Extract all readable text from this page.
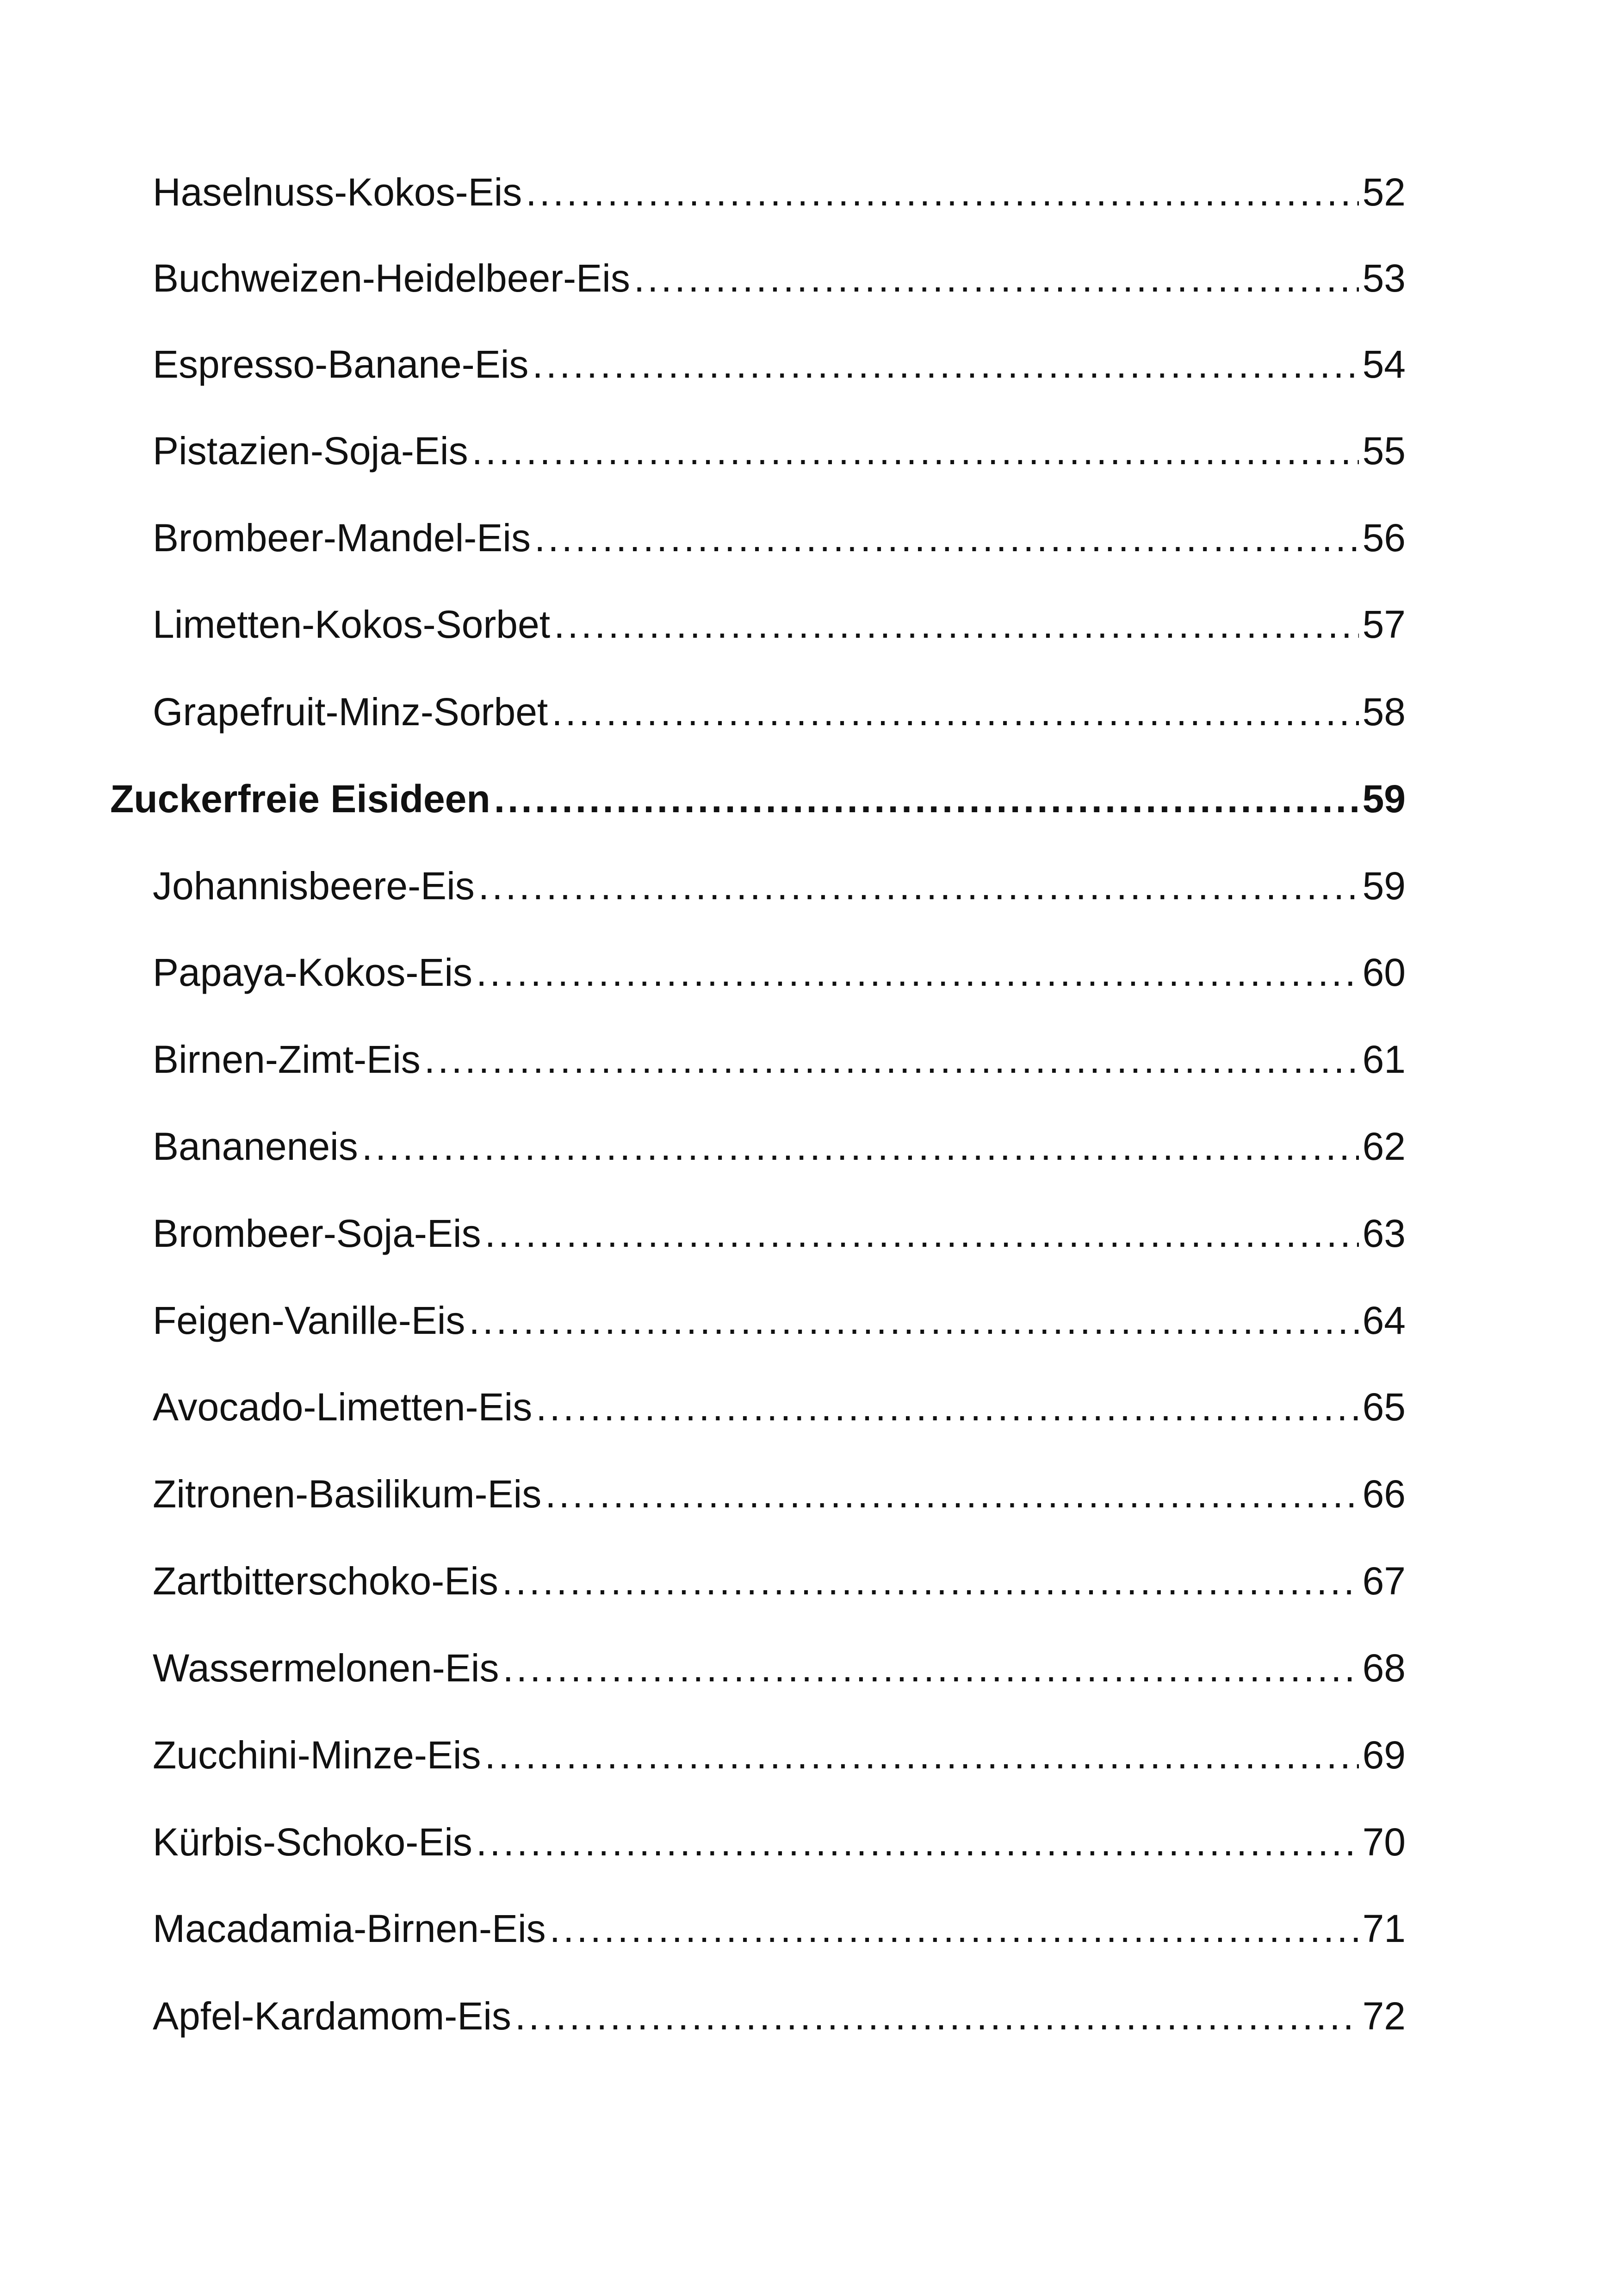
Haselnuss-Kokos-Eis .....	52
Buchweizen-Heidelbeer-Eis .....	53
Espresso-Banane-Eis .....	54
Pistazien-Soja-Eis .....	55
Brombeer-Mandel-Eis .....	56
Limetten-Kokos-Sorbet .....	57
Grapefruit-Minz-Sorbet .....	58
Zuckerfreie Eisideen .....	59
Johannisbeere-Eis .....	59
Papaya-Kokos-Eis .....	60
Birnen-Zimt-Eis .....	61
Bananeneis .....	62
Brombeer-Soja-Eis .....	63
Feigen-Vanille-Eis .....	64
Avocado-Limetten-Eis .....	65
Zitronen-Basilikum-Eis .....	66
Zartbitterschoko-Eis .....	67
Wassermelonen-Eis .....	68
Zucchini-Minze-Eis .....	69
Kürbis-Schoko-Eis .....	70
Macadamia-Birnen-Eis .....	71
Apfel-Kardamom-Eis .....	72
